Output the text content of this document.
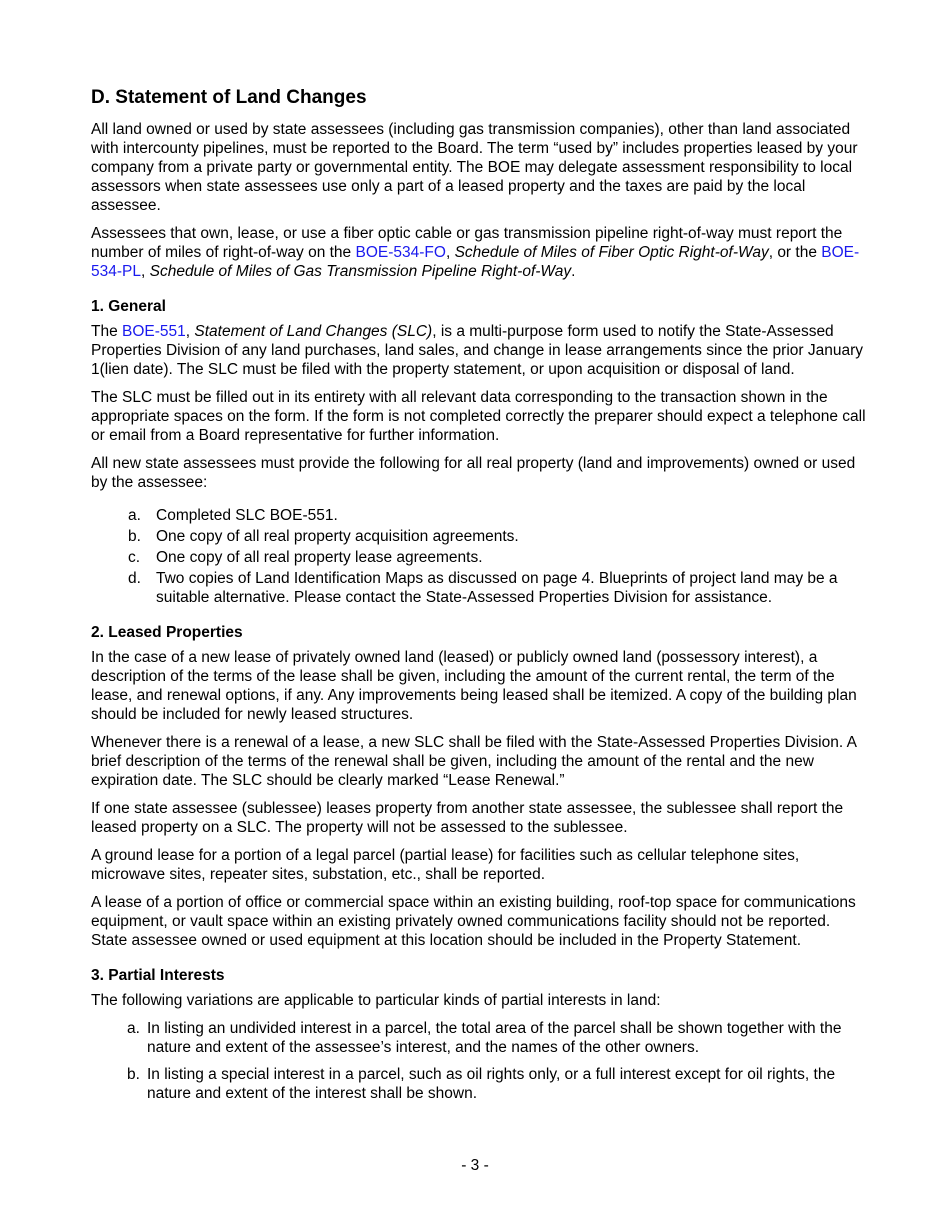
D. Statement of Land Changes

All land owned or used by state assessees (including gas transmission companies), other than land associated with intercounty pipelines, must be reported to the Board. The term “used by” includes properties leased by your company from a private party or governmental entity. The BOE may delegate assessment responsibility to local assessors when state assessees use only a part of a leased property and the taxes are paid by the local assessee.

Assessees that own, lease, or use a fiber optic cable or gas transmission pipeline right-of-way must report the number of miles of right-of-way on the BOE-534-FO, Schedule of Miles of Fiber Optic Right-of-Way, or the BOE-534-PL, Schedule of Miles of Gas Transmission Pipeline Right-of-Way.

1. General

The BOE-551, Statement of Land Changes (SLC), is a multi-purpose form used to notify the State-Assessed Properties Division of any land purchases, land sales, and change in lease arrangements since the prior January 1(lien date). The SLC must be filed with the property statement, or upon acquisition or disposal of land.

The SLC must be filled out in its entirety with all relevant data corresponding to the transaction shown in the appropriate spaces on the form. If the form is not completed correctly the preparer should expect a telephone call or email from a Board representative for further information.

All new state assessees must provide the following for all real property (land and improvements) owned or used by the assessee:

a. Completed SLC BOE-551.
b. One copy of all real property acquisition agreements.
c.	One copy of all real property lease agreements.
d. Two copies of Land Identification Maps as discussed on page 4. Blueprints of project land may be a suitable alternative. Please contact the State-Assessed Properties Division for assistance.
2. Leased Properties

In the case of a new lease of privately owned land (leased) or publicly owned land (possessory interest), a description of the terms of the lease shall be given, including the amount of the current rental, the term of the lease, and renewal options, if any. Any improvements being leased shall be itemized. A copy of the building plan should be included for newly leased structures.

Whenever there is a renewal of a lease, a new SLC shall be filed with the State-Assessed Properties Division. A brief description of the terms of the renewal shall be given, including the amount of the rental and the new expiration date. The SLC should be clearly marked “Lease Renewal.”

If one state assessee (sublessee) leases property from another state assessee, the sublessee shall report the leased property on a SLC. The property will not be assessed to the sublessee.

A ground lease for a portion of a legal parcel (partial lease) for facilities such as cellular telephone sites, microwave sites, repeater sites, substation, etc., shall be reported.

A lease of a portion of office or commercial space within an existing building, roof-top space for communications equipment, or vault space within an existing privately owned communications facility should not be reported. State assessee owned or used equipment at this location should be included in the Property Statement.

3. Partial Interests

The following variations are applicable to particular kinds of partial interests in land:

a. In listing an undivided interest in a parcel, the total area of the parcel shall be shown together with the nature and extent of the assessee’s interest, and the names of the other owners.
b. In listing a special interest in a parcel, such as oil rights only, or a full interest except for oil rights, the nature and extent of the interest shall be shown.
- 3 -
